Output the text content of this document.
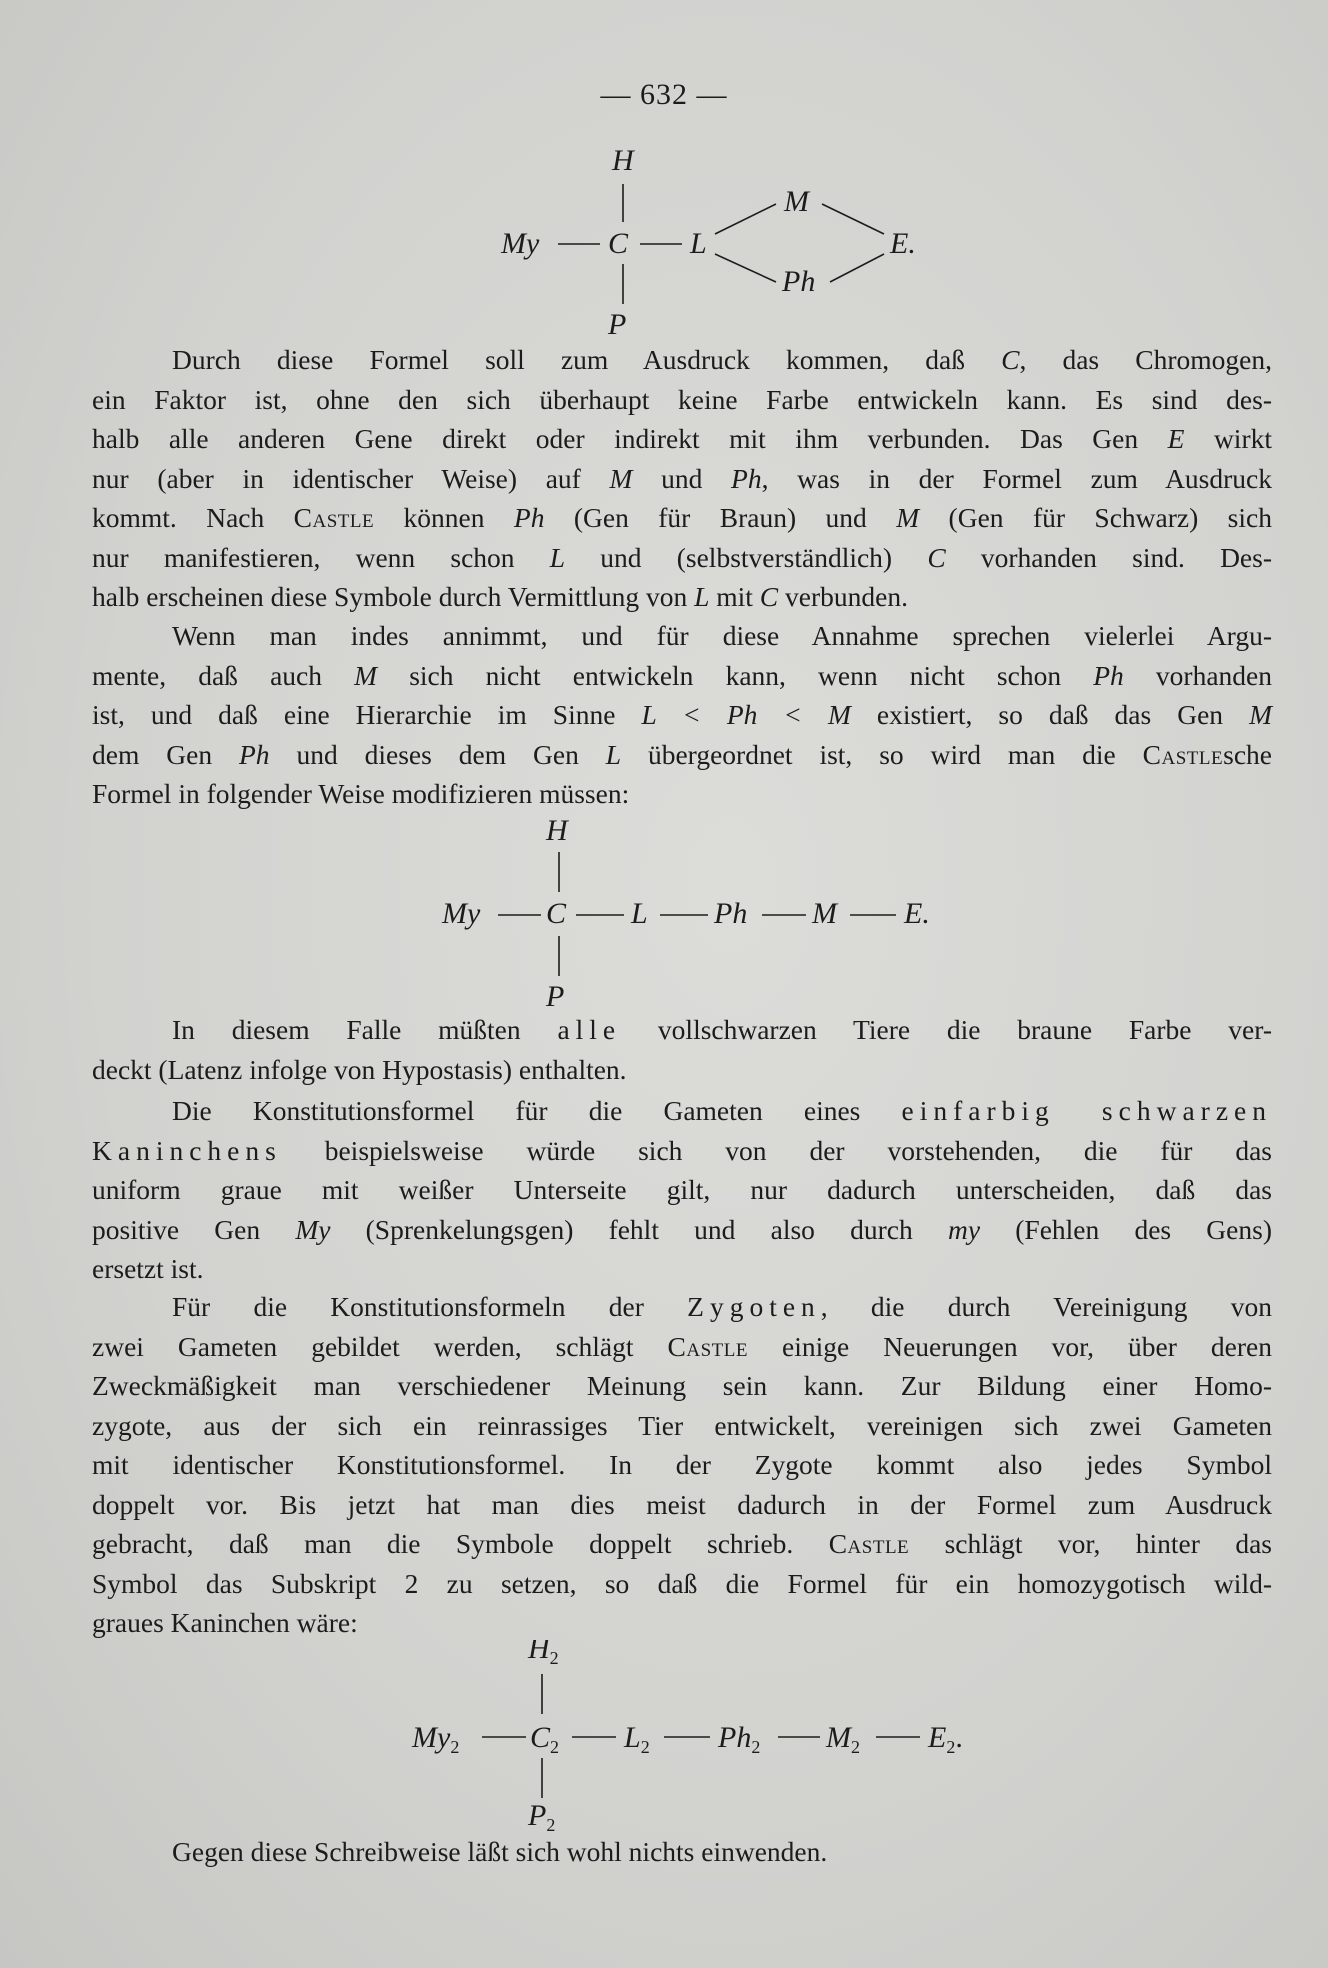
— 632 —
H
My C L
M
Ph
E.
P

Durch diese Formel soll zum Ausdruck kommen, daß C, das Chromogen,
ein Faktor ist, ohne den sich überhaupt keine Farbe entwickeln kann. Es sind des-
halb alle anderen Gene direkt oder indirekt mit ihm verbunden. Das Gen E wirkt
nur (aber in identischer Weise) auf M und Ph, was in der Formel zum Ausdruck
kommt. Nach Castle können Ph (Gen für Braun) und M (Gen für Schwarz) sich
nur manifestieren, wenn schon L und (selbstverständlich) C vorhanden sind. Des-
halb erscheinen diese Symbole durch Vermittlung von L mit C verbunden.

Wenn man indes annimmt, und für diese Annahme sprechen vielerlei Argu-
mente, daß auch M sich nicht entwickeln kann, wenn nicht schon Ph vorhanden
ist, und daß eine Hierarchie im Sinne L < Ph < M existiert, so daß das Gen M
dem Gen Ph und dieses dem Gen L übergeordnet ist, so wird man die Castlesche
Formel in folgender Weise modifizieren müssen:

H
My C L Ph M E.
P

In diesem Falle müßten alle vollschwarzen Tiere die braune Farbe ver-
deckt (Latenz infolge von Hypostasis) enthalten.

Die Konstitutionsformel für die Gameten eines einfarbig schwarzen
Kaninchens beispielsweise würde sich von der vorstehenden, die für das
uniform graue mit weißer Unterseite gilt, nur dadurch unterscheiden, daß das
positive Gen My (Sprenkelungsgen) fehlt und also durch my (Fehlen des Gens)
ersetzt ist.

Für die Konstitutionsformeln der Zygoten, die durch Vereinigung von
zwei Gameten gebildet werden, schlägt Castle einige Neuerungen vor, über deren
Zweckmäßigkeit man verschiedener Meinung sein kann. Zur Bildung einer Homo-
zygote, aus der sich ein reinrassiges Tier entwickelt, vereinigen sich zwei Gameten
mit identischer Konstitutionsformel. In der Zygote kommt also jedes Symbol
doppelt vor. Bis jetzt hat man dies meist dadurch in der Formel zum Ausdruck
gebracht, daß man die Symbole doppelt schrieb. Castle schlägt vor, hinter das
Symbol das Subskript 2 zu setzen, so daß die Formel für ein homozygotisch wild-
graues Kaninchen wäre:

$H_2$
$My_2$ $C_2$ $L_2$ $Ph_2$ $M_2$ $E_2$.
$P_2$

Gegen diese Schreibweise läßt sich wohl nichts einwenden.
